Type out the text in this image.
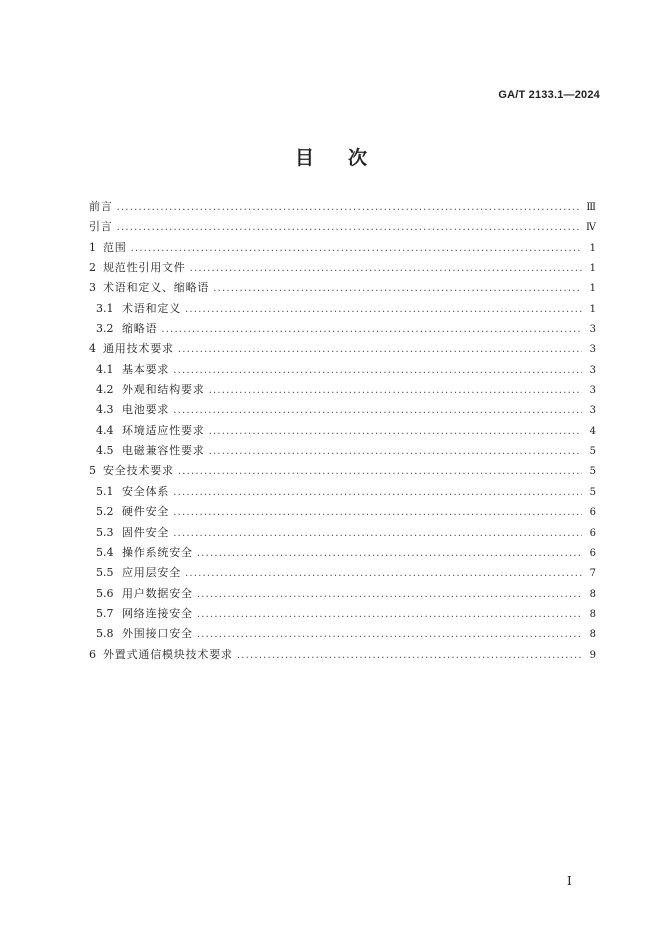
GA/T 2133.1—2024
目 次
前言 .....	Ⅲ
引言 .....	Ⅳ
1 范围 .....	1
2 规范性引用文件 .....	1
3 术语和定义、缩略语 .....	1
3.1 术语和定义 .....	1
3.2 缩略语 .....	3
4 通用技术要求 .....	3
4.1 基本要求 .....	3
4.2 外观和结构要求 .....	3
4.3 电池要求 .....	3
4.4 环境适应性要求 .....	4
4.5 电磁兼容性要求 .....	5
5 安全技术要求 .....	5
5.1 安全体系 .....	5
5.2 硬件安全 .....	6
5.3 固件安全 .....	6
5.4 操作系统安全 .....	6
5.5 应用层安全 .....	7
5.6 用户数据安全 .....	8
5.7 网络连接安全 .....	8
5.8 外围接口安全 .....	8
6 外置式通信模块技术要求 .....	9
I
